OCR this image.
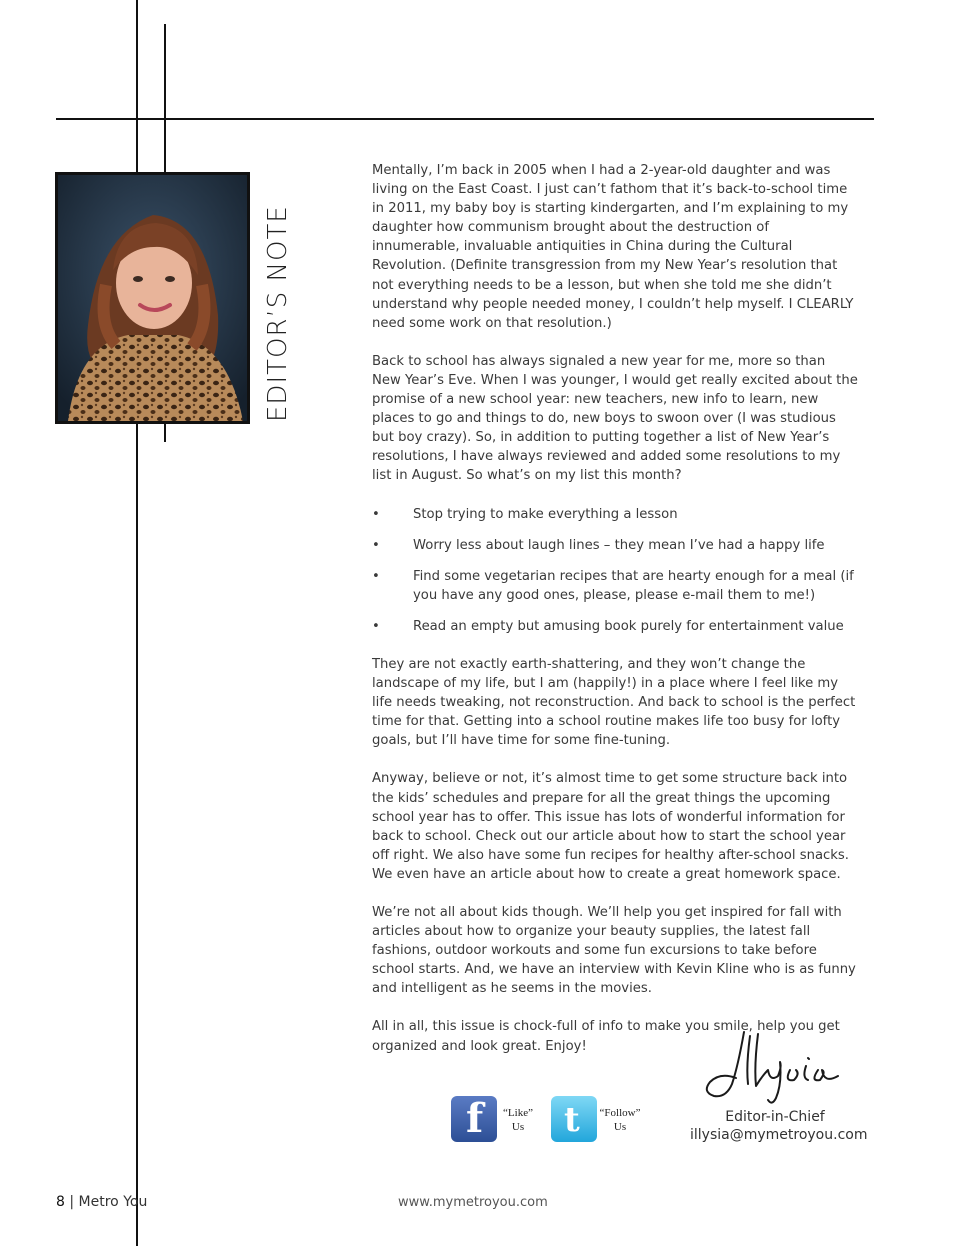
EDITOR’S NOTE

Mentally, I’m back in 2005 when I had a 2-year-old daughter and was living on the East Coast. I just can’t fathom that it’s back-to-school time in 2011, my baby boy is starting kindergarten, and I’m explaining to my daughter how communism brought about the destruction of innumerable, invaluable antiquities in China during the Cultural Revolution. (Definite transgression from my New Year’s resolution that not everything needs to be a lesson, but when she told me she didn’t understand why people needed money, I couldn’t help myself. I CLEARLY need some work on that resolution.)

Back to school has always signaled a new year for me, more so than New Year’s Eve. When I was younger, I would get really excited about the promise of a new school year: new teachers, new info to learn, new places to go and things to do, new boys to swoon over (I was studious but boy crazy). So, in addition to putting together a list of New Year’s resolutions, I have always reviewed and added some resolutions to my list in August. So what’s on my list this month?

•	Stop trying to make everything a lesson
•	Worry less about laugh lines – they mean I’ve had a happy life
•	Find some vegetarian recipes that are hearty enough for a meal (if you have any good ones, please, please e-mail them to me!)
•	Read an empty but amusing book purely for entertainment value

They are not exactly earth-shattering, and they won’t change the landscape of my life, but I am (happily!) in a place where I feel like my life needs tweaking, not reconstruction. And back to school is the perfect time for that. Getting into a school routine makes life too busy for lofty goals, but I’ll have time for some fine-tuning.

Anyway, believe or not, it’s almost time to get some structure back into the kids’ schedules and prepare for all the great things the upcoming school year has to offer. This issue has lots of wonderful information for back to school. Check out our article about how to start the school year off right. We also have some fun recipes for healthy after-school snacks. We even have an article about how to create a great homework space.

We’re not all about kids though. We’ll help you get inspired for fall with articles about how to organize your beauty supplies, the latest fall fashions, outdoor workouts and some fun excursions to take before school starts. And, we have an interview with Kevin Kline who is as funny and intelligent as he seems in the movies.

All in all, this issue is chock-full of info to make you smile, help you get organized and look great. Enjoy!

Editor-in-Chief
illysia@mymetroyou.com
f	“Like”
Us	t	“Follow”
Us
8 | Metro You	www.mymetroyou.com
